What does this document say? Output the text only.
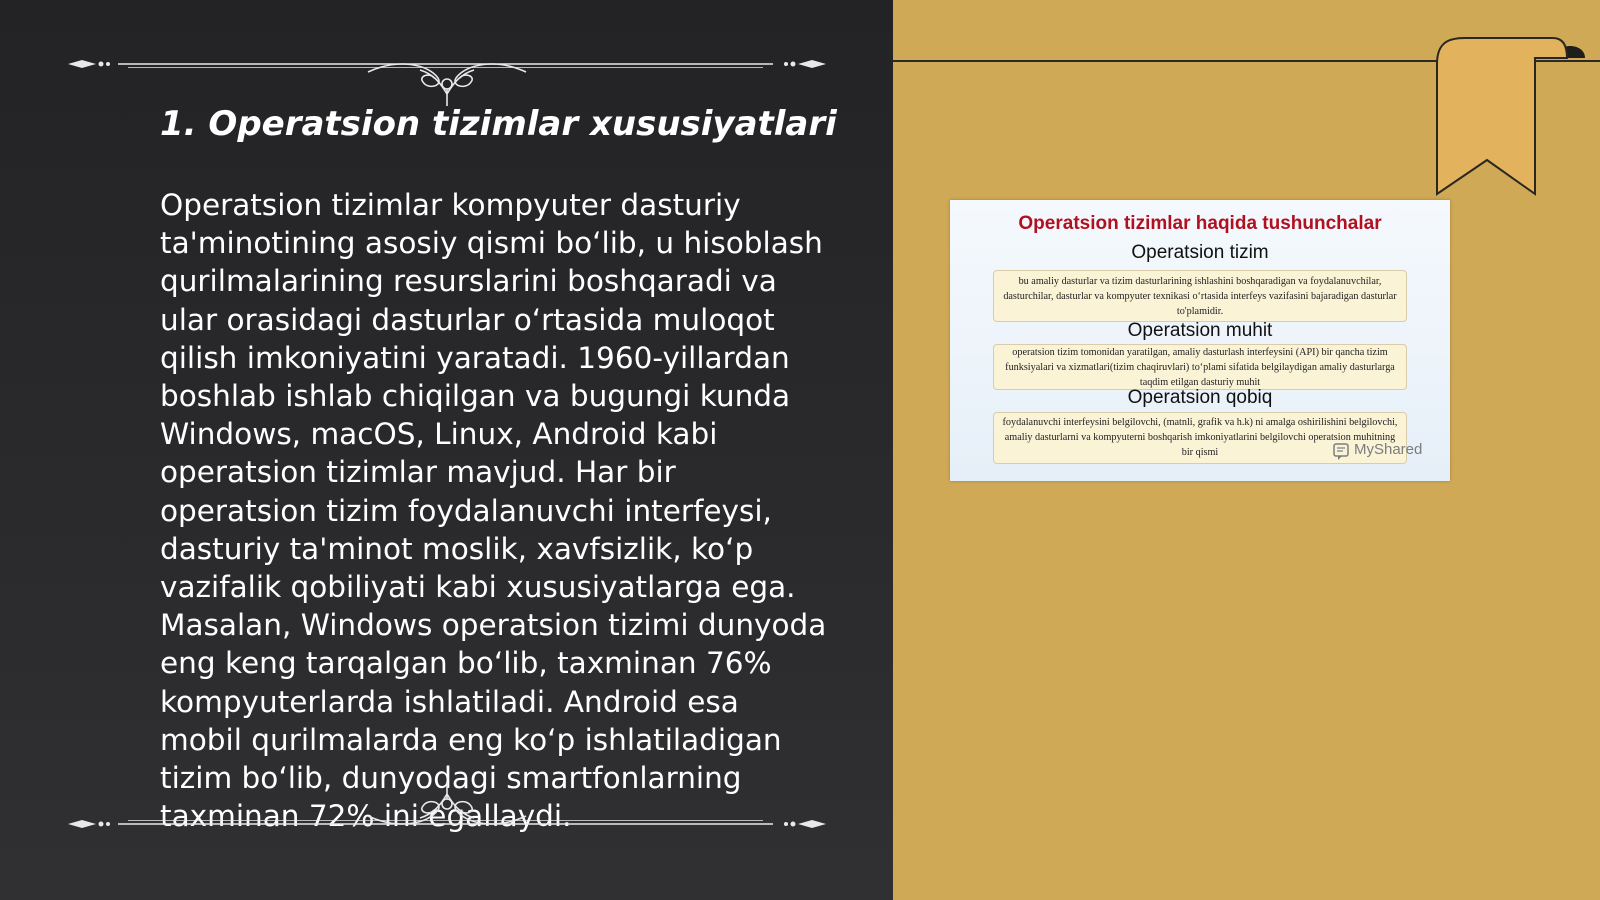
1. Operatsion tizimlar xususiyatlari

Operatsion tizimlar kompyuter dasturiy ta'minotining asosiy qismi bo‘lib, u hisoblash qurilmalarining resurslarini boshqaradi va ular orasidagi dasturlar o‘rtasida muloqot qilish imkoniyatini yaratadi. 1960-yillardan boshlab ishlab chiqilgan va bugungi kunda Windows, macOS, Linux, Android kabi operatsion tizimlar mavjud. Har bir operatsion tizim foydalanuvchi interfeysi, dasturiy ta'minot moslik, xavfsizlik, ko‘p vazifalik qobiliyati kabi xususiyatlarga ega. Masalan, Windows operatsion tizimi dunyoda eng keng tarqalgan bo‘lib, taxminan 76% kompyuterlarda ishlatiladi. Android esa mobil qurilmalarda eng ko‘p ishlatiladigan tizim bo‘lib, dunyodagi smartfonlarning taxminan 72% ini egallaydi.

Operatsion tizimlar haqida tushunchalar
Operatsion tizim
bu amaliy dasturlar va tizim dasturlarining ishlashini boshqaradigan va foydalanuvchilar, dasturchilar, dasturlar va kompyuter texnikasi o‘rtasida interfeys vazifasini bajaradigan dasturlar to'plamidir.
Operatsion muhit
operatsion tizim tomonidan yaratilgan, amaliy dasturlash interfeysini (API) bir qancha tizim funksiyalari va xizmatlari(tizim chaqiruvlari) to‘plami sifatida belgilaydigan amaliy dasturlarga taqdim etilgan dasturiy muhit
Operatsion qobiq
foydalanuvchi interfeysini belgilovchi, (matnli, grafik va h.k) ni amalga oshirilishini belgilovchi, amaliy dasturlarni va kompyuterni boshqarish imkoniyatlarini belgilovchi operatsion muhitning bir qismi	MyShared
